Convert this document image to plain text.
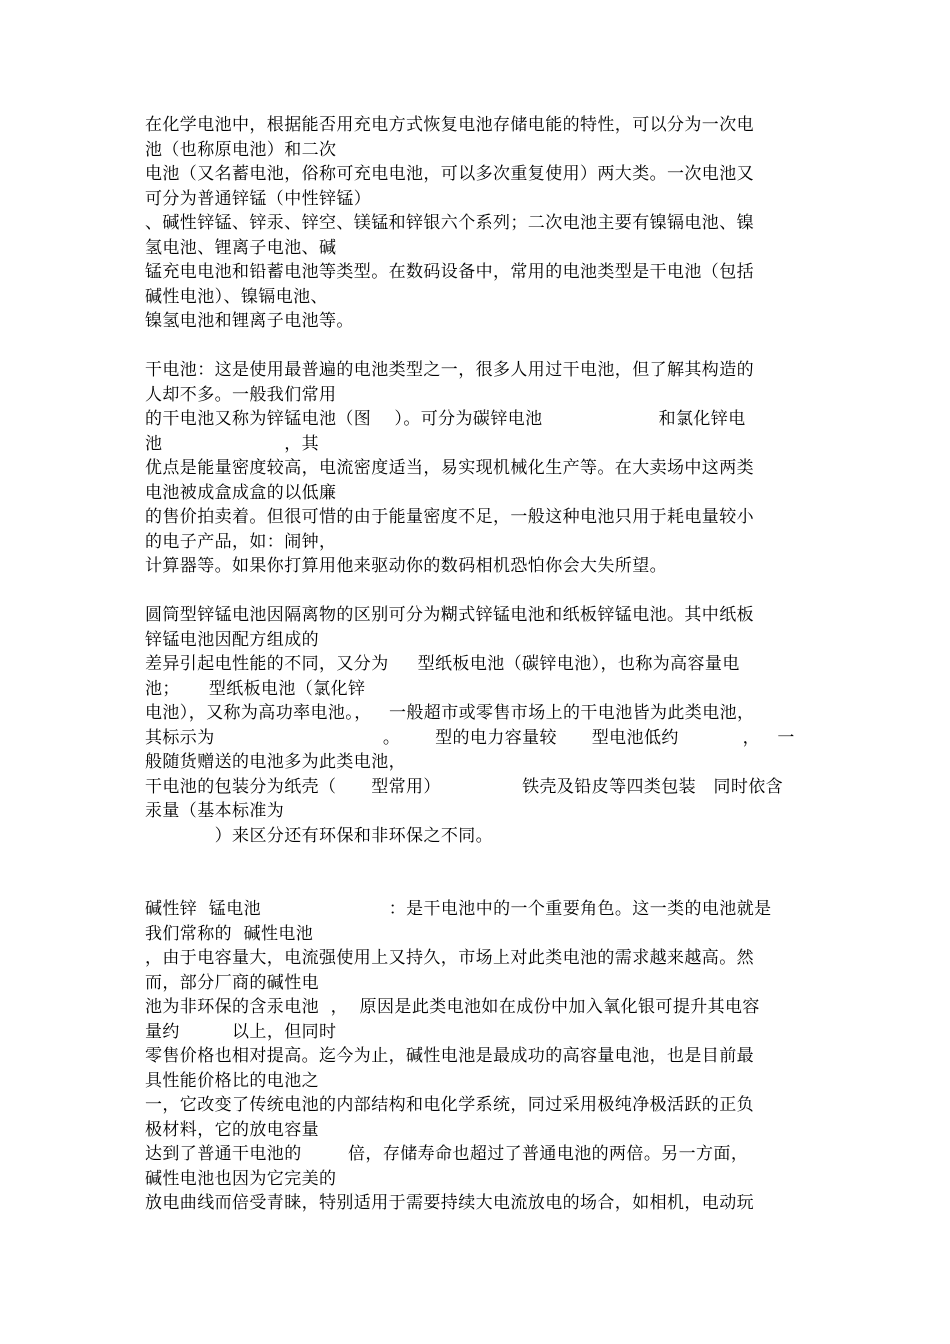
在化学电池中，根据能否用充电方式恢复电池存储电能的特性，可以分为一次电
池（也称原电池）和二次
电池（又名蓄电池，俗称可充电电池，可以多次重复使用）两大类。一次电池又
可分为普通锌锰（中性锌锰）
、碱性锌锰、锌汞、锌空、镁锰和锌银六个系列；二次电池主要有镍镉电池、镍
氢电池、锂离子电池、碱
锰充电电池和铅蓄电池等类型。在数码设备中，常用的电池类型是干电池（包括
碱性电池）、镍镉电池、
镍氢电池和锂离子电池等。
干电池：这是使用最普遍的电池类型之一，很多人用过干电池，但了解其构造的
人却不多。一般我们常用
的干电池又称为锌锰电池（图    ）。可分为碳锌电池                    和氯化锌电
池                     ，其
优点是能量密度较高，电流密度适当，易实现机械化生产等。在大卖场中这两类
电池被成盒成盒的以低廉
的售价拍卖着。但很可惜的由于能量密度不足，一般这种电池只用于耗电量较小
的电子产品，如：闹钟，
计算器等。如果你打算用他来驱动你的数码相机恐怕你会大失所望。
圆筒型锌锰电池因隔离物的区别可分为糊式锌锰电池和纸板锌锰电池。其中纸板
锌锰电池因配方组成的
差异引起电性能的不同，又分为     型纸板电池（碳锌电池），也称为高容量电
池；     型纸板电池（氯化锌
电池），又称为高功率电池。，   一般超市或零售市场上的干电池皆为此类电池，
其标示为                             。      型的电力容量较      型电池低约           ，   一
般随货赠送的电池多为此类电池，
干电池的包装分为纸壳（      型常用）              铁壳及铅皮等四类包装   同时依含
汞量（基本标准为
）来区分还有环保和非环保之不同。
碱性锌  锰电池                      ：是干电池中的一个重要角色。这一类的电池就是
我们常称的  碱性电池
，由于电容量大，电流强使用上又持久，市场上对此类电池的需求越来越高。然
而，部分厂商的碱性电
池为非环保的含汞电池  ，  原因是此类电池如在成份中加入氧化银可提升其电容
量约         以上，但同时
零售价格也相对提高。迄今为止，碱性电池是最成功的高容量电池，也是目前最
具性能价格比的电池之
一，它改变了传统电池的内部结构和电化学系统，同过采用极纯净极活跃的正负
极材料，它的放电容量
达到了普通干电池的        倍，存储寿命也超过了普通电池的两倍。另一方面，
碱性电池也因为它完美的
放电曲线而倍受青睐，特别适用于需要持续大电流放电的场合，如相机，电动玩
